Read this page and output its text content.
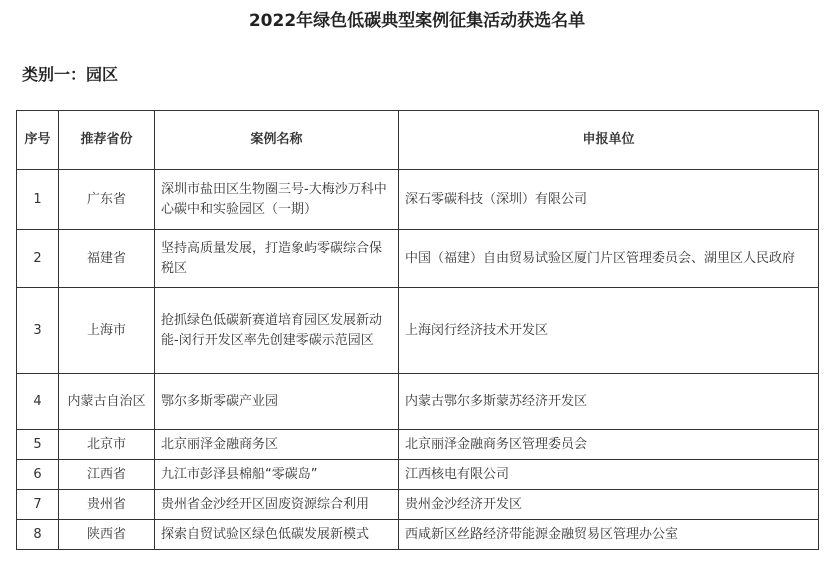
2022年绿色低碳典型案例征集活动获选名单
类别一：园区
序号	推荐省份	案例名称	申报单位
1	广东省	深圳市盐田区生物圈三号-大梅沙万科中心碳中和实验园区（一期）	深石零碳科技（深圳）有限公司
2	福建省	坚持高质量发展，打造象屿零碳综合保税区	中国（福建）自由贸易试验区厦门片区管理委员会、湖里区人民政府
3	上海市	抢抓绿色低碳新赛道培育园区发展新动能-闵行开发区率先创建零碳示范园区	上海闵行经济技术开发区
4	内蒙古自治区	鄂尔多斯零碳产业园	内蒙古鄂尔多斯蒙苏经济开发区
5	北京市	北京丽泽金融商务区	北京丽泽金融商务区管理委员会
6	江西省	九江市彭泽县棉船“零碳岛”	江西核电有限公司
7	贵州省	贵州省金沙经开区固废资源综合利用	贵州金沙经济开发区
8	陕西省	探索自贸试验区绿色低碳发展新模式	西咸新区丝路经济带能源金融贸易区管理办公室
